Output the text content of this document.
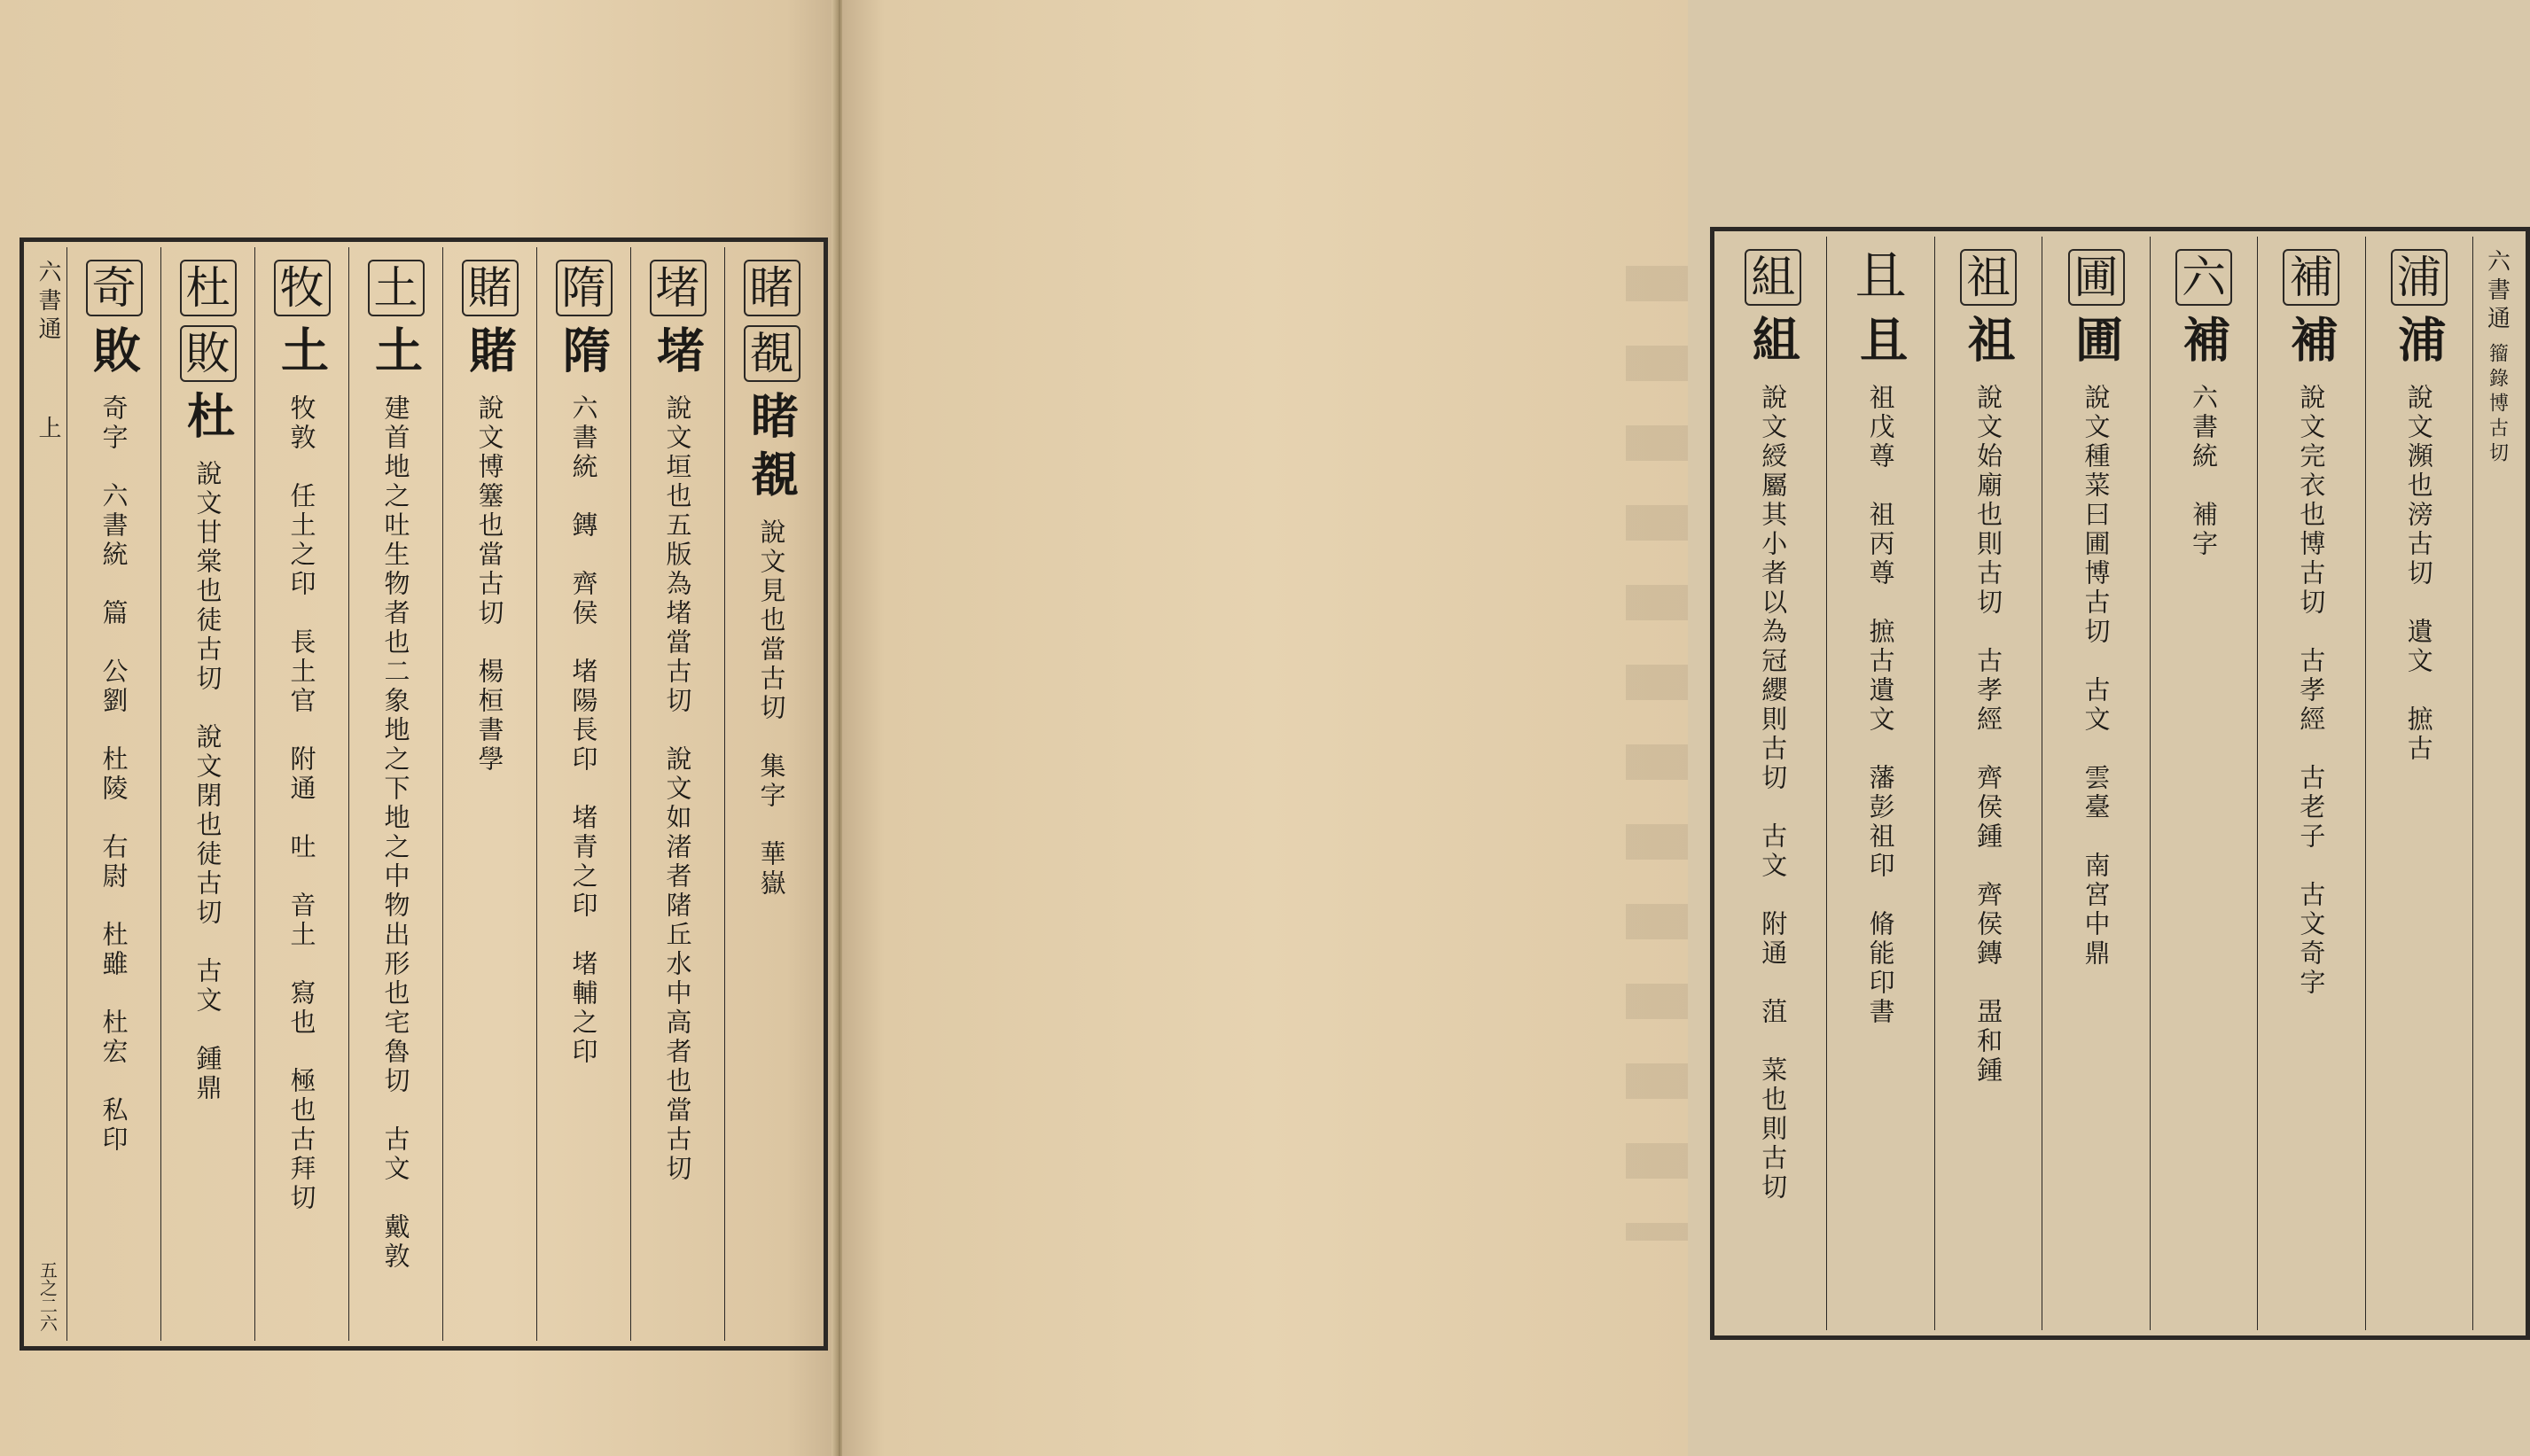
睹
覩
睹覩
說文見也當古切　集字　華嶽
堵
堵
說文垣也五版為堵當古切　說文如渚者陼丘水中高者也當古切
隋
隋
六書統　鏄　齊侯　堵陽長印　堵青之印　堵輔之印
賭
賭
說文博簺也當古切　楊桓書學
土
土
建首地之吐生物者也二象地之下地之中物出形也宅魯切　古文　戴敦
牧
土
牧敦　任土之印　長土官　附通　吐　音土　寫也　極也古拜切
杜
敗
杜
說文甘棠也徒古切　說文閉也徒古切　古文　鍾鼎
奇
敗
奇字　六書統　篇　公劉　杜陵　右尉　杜雖　杜宏　私印
六書通
上
五之二六
六書通
籀錄博古切
浦
浦
說文瀕也滂古切　遺文　摭古
補
補
說文完衣也博古切　古孝經　古老子　古文奇字
六
補
六書統　補字
圃
圃
說文種菜曰圃博古切　古文　雲臺　南宮中鼎
祖
祖
說文始廟也則古切　古孝經　齊侯鍾　齊侯鏄　盄和鍾
且
且
祖戊尊　祖丙尊　摭古遺文　藩彭祖印　脩能印書
組
組
說文綬屬其小者以為冠纓則古切　古文　附通　菹　菜也則古切
